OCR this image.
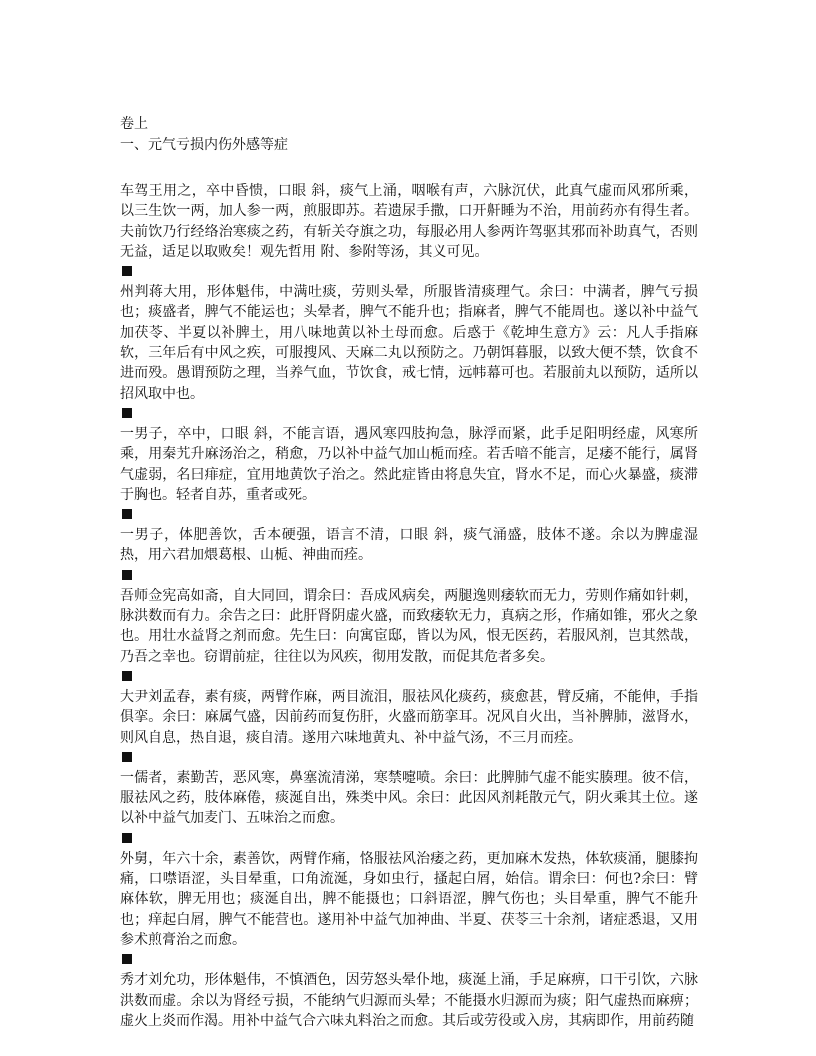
卷上
一、元气亏损内伤外感等症

车驾王用之，卒中昏愦，口眼 斜，痰气上涌，咽喉有声，六脉沉伏，此真气虚而风邪所乘，以三生饮一两，加人参一两，煎服即苏。若遗尿手撒，口开鼾睡为不治，用前药亦有得生者。夫前饮乃行经络治寒痰之药，有斩关夺旗之功，每服必用人参两许驾驱其邪而补助真气，否则无益，适足以取败矣！观先哲用 附、参附等汤，其义可见。

州判蒋大用，形体魁伟，中满吐痰，劳则头晕，所服皆清痰理气。余曰：中满者，脾气亏损也；痰盛者，脾气不能运也；头晕者，脾气不能升也；指麻者，脾气不能周也。遂以补中益气加茯苓、半夏以补脾土，用八味地黄以补土母而愈。后惑于《乾坤生意方》云：凡人手指麻软，三年后有中风之疾，可服搜风、天麻二丸以预防之。乃朝饵暮服，以致大便不禁，饮食不进而殁。愚谓预防之理，当养气血，节饮食，戒七情，远帏幕可也。若服前丸以预防，适所以招风取中也。

一男子，卒中，口眼 斜，不能言语，遇风寒四肢拘急，脉浮而紧，此手足阳明经虚，风寒所乘，用秦艽升麻汤治之，稍愈，乃以补中益气加山栀而痊。若舌喑不能言，足痿不能行，属肾气虚弱，名曰痱症，宜用地黄饮子治之。然此症皆由将息失宜，肾水不足，而心火暴盛，痰滞于胸也。轻者自苏，重者或死。

一男子，体肥善饮，舌本硬强，语言不清，口眼 斜，痰气涌盛，肢体不遂。余以为脾虚湿热，用六君加煨葛根、山栀、神曲而痊。

吾师佥宪高如斋，自大同回，谓余曰：吾成风病矣，两腿逸则痿软而无力，劳则作痛如针刺，脉洪数而有力。余告之曰：此肝肾阴虚火盛，而致痿软无力，真病之形，作痛如锥，邪火之象也。用壮水益肾之剂而愈。先生曰：向寓宦邸，皆以为风，恨无医药，若服风剂，岂其然哉，乃吾之幸也。窃谓前症，往往以为风疾，彻用发散，而促其危者多矣。

大尹刘孟春，素有痰，两臂作麻，两目流泪，服祛风化痰药，痰愈甚，臂反痛，不能伸，手指俱挛。余曰：麻属气盛，因前药而复伤肝，火盛而筋挛耳。况风自火出，当补脾肺，滋肾水，则风自息，热自退，痰自清。遂用六味地黄丸、补中益气汤，不三月而痊。

一儒者，素勤苦，恶风寒，鼻塞流清涕，寒禁嚏喷。余曰：此脾肺气虚不能实腠理。彼不信，服祛风之药，肢体麻倦，痰涎自出，殊类中风。余曰：此因风剂耗散元气，阴火乘其土位。遂以补中益气加麦门、五味治之而愈。

外舅，年六十余，素善饮，两臂作痛，恪服祛风治痿之药，更加麻木发热，体软痰涌，腿膝拘痛，口噤语涩，头目晕重，口角流涎，身如虫行，搔起白屑，始信。谓余曰：何也?余曰：臂麻体软，脾无用也；痰涎自出，脾不能摄也；口斜语涩，脾气伤也；头目晕重，脾气不能升也；痒起白屑，脾气不能营也。遂用补中益气加神曲、半夏、茯苓三十余剂，诸症悉退，又用参术煎膏治之而愈。

秀才刘允功，形体魁伟，不慎酒色，因劳怒头晕仆地，痰涎上涌，手足麻痹，口干引饮，六脉洪数而虚。余以为肾经亏损，不能纳气归源而头晕；不能摄水归源而为痰；阳气虚热而麻痹；虚火上炎而作渴。用补中益气合六味丸料治之而愈。其后或劳役或入房，其病即作，用前药随
